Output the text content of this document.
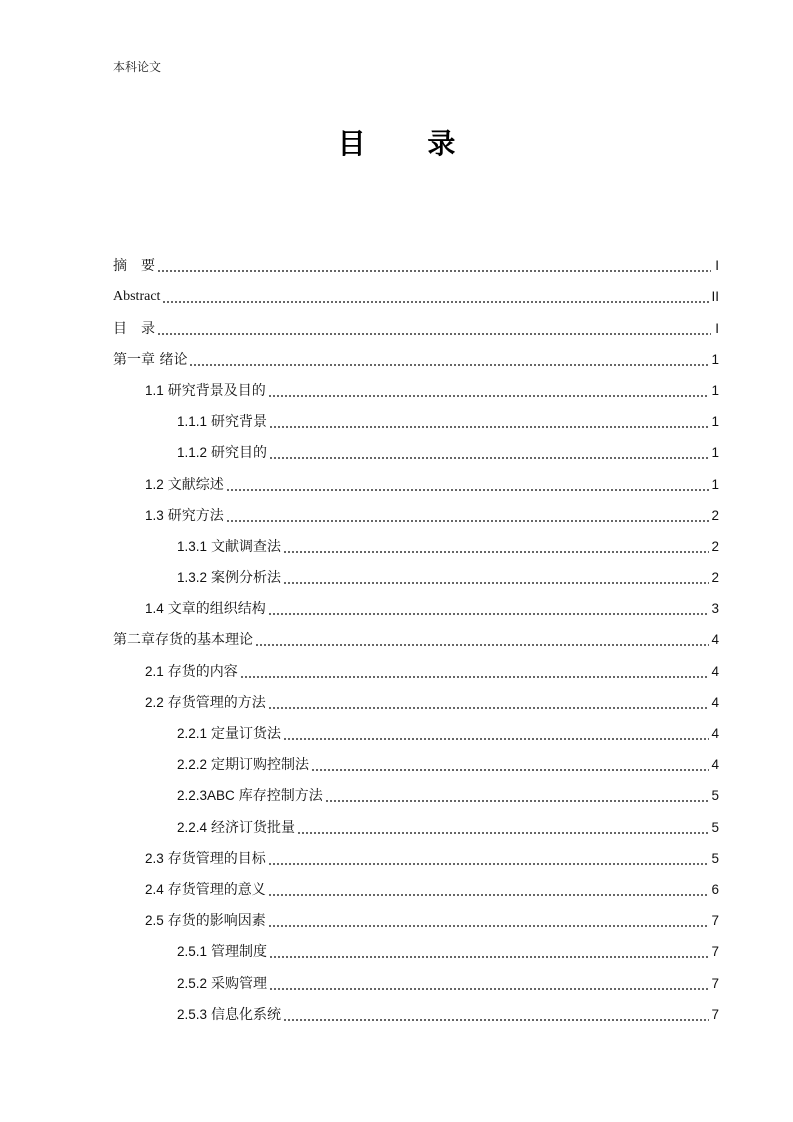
本科论文
目 录
摘　要	I
Abstract	II
目　录	I
第一章 绪论	1
1.1 研究背景及目的	1
1.1.1 研究背景	1
1.1.2 研究目的	1
1.2 文献综述	1
1.3 研究方法	2
1.3.1 文献调查法	2
1.3.2 案例分析法	2
1.4 文章的组织结构	3
第二章存货的基本理论	4
2.1 存货的内容	4
2.2 存货管理的方法	4
2.2.1 定量订货法	4
2.2.2 定期订购控制法	4
2.2.3ABC 库存控制方法	5
2.2.4 经济订货批量	5
2.3 存货管理的目标	5
2.4 存货管理的意义	6
2.5 存货的影响因素	7
2.5.1 管理制度	7
2.5.2 采购管理	7
2.5.3 信息化系统	7
